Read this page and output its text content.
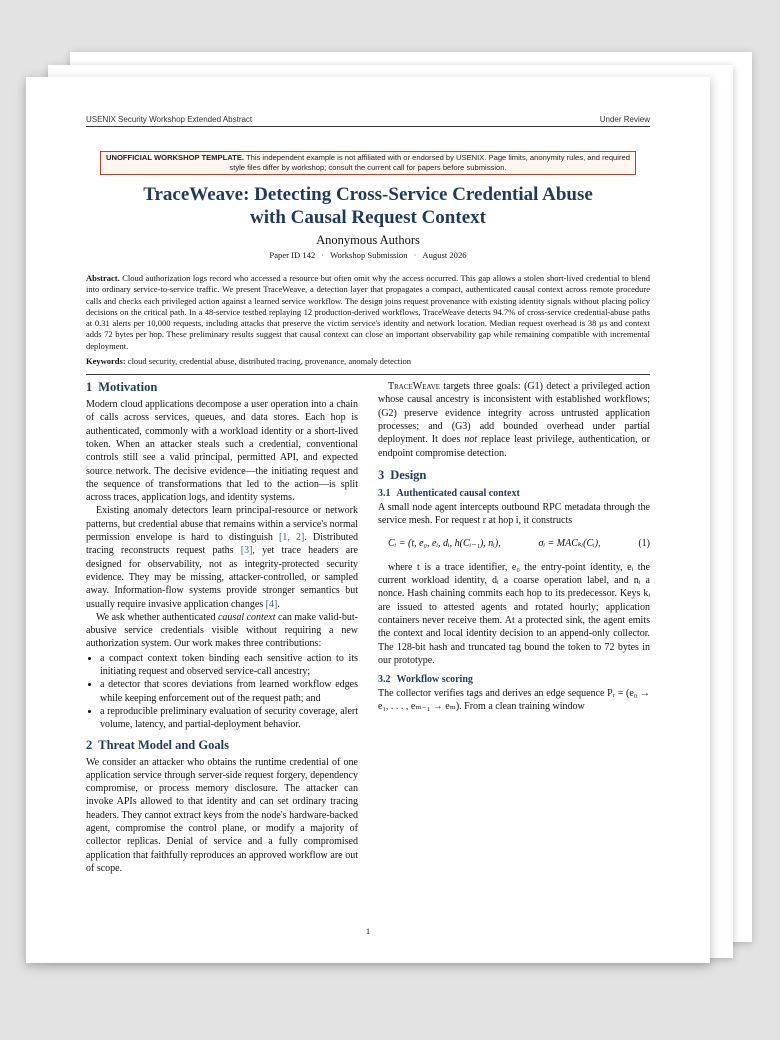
USENIX Security Workshop Extended Abstract	Under Review
UNOFFICIAL WORKSHOP TEMPLATE. This independent example is not affiliated with or endorsed by USENIX. Page limits, anonymity rules, and required style files differ by workshop; consult the current call for papers before submission.
TraceWeave: Detecting Cross-Service Credential Abuse
with Causal Request Context
Anonymous Authors
Paper ID 142 · Workshop Submission · August 2026
Abstract. Cloud authorization logs record who accessed a resource but often omit why the access occurred. This gap allows a stolen short-lived credential to blend into ordinary service-to-service traffic. We present TraceWeave, a detection layer that propagates a compact, authenticated causal context across remote procedure calls and checks each privileged action against a learned service workflow. The design joins request provenance with existing identity signals without placing policy decisions on the critical path. In a 48-service testbed replaying 12 production-derived workflows, TraceWeave detects 94.7% of cross-service credential-abuse paths at 0.31 alerts per 10,000 requests, including attacks that preserve the victim service's identity and network location. Median request overhead is 38 µs and context adds 72 bytes per hop. These preliminary results suggest that causal context can close an important observability gap while remaining compatible with incremental deployment.
Keywords: cloud security, credential abuse, distributed tracing, provenance, anomaly detection
1 Motivation

Modern cloud applications decompose a user operation into a chain of calls across services, queues, and data stores. Each hop is authenticated, commonly with a workload identity or a short-lived token. When an attacker steals such a credential, conventional controls still see a valid principal, permitted API, and expected source network. The decisive evidence—the initiating request and the sequence of transformations that led to the action—is split across traces, application logs, and identity systems.

Existing anomaly detectors learn principal-resource or network patterns, but credential abuse that remains within a service's normal permission envelope is hard to distinguish [1, 2]. Distributed tracing reconstructs request paths [3], yet trace headers are designed for observability, not as integrity-protected security evidence. They may be missing, attacker-controlled, or sampled away. Information-flow systems provide stronger semantics but usually require invasive application changes [4].

We ask whether authenticated causal context can make valid-but-abusive service credentials visible without requiring a new authorization system. Our work makes three contributions:

• a compact context token binding each sensitive action to its initiating request and observed service-call ancestry;
• a detector that scores deviations from learned workflow edges while keeping enforcement out of the request path; and
• a reproducible preliminary evaluation of security coverage, alert volume, latency, and partial-deployment behavior.
2 Threat Model and Goals

We consider an attacker who obtains the runtime credential of one application service through server-side request forgery, dependency compromise, or process memory disclosure. The attacker can invoke APIs allowed to that identity and can set ordinary tracing headers. They cannot extract keys from the node's hardware-backed agent, compromise the control plane, or modify a majority of collector replicas. Denial of service and a fully compromised application that faithfully reproduces an approved workflow are out of scope.

TraceWeave targets three goals: (G1) detect a privileged action whose causal ancestry is inconsistent with established workflows; (G2) preserve evidence integrity across untrusted application processes; and (G3) add bounded overhead under partial deployment. It does not replace least privilege, authentication, or endpoint compromise detection.

3 Design
3.1 Authenticated causal context

A small node agent intercepts outbound RPC metadata through the service mesh. For request r at hop i, it constructs

Cᵢ = (t, e₀, eᵢ, dᵢ, h(Cᵢ₋₁), nᵢ),	σᵢ = MACₖᵢ(Cᵢ),	(1)

where t is a trace identifier, e₀ the entry-point identity, eᵢ the current workload identity, dᵢ a coarse operation label, and nᵢ a nonce. Hash chaining commits each hop to its predecessor. Keys kᵢ are issued to attested agents and rotated hourly; application containers never receive them. At a protected sink, the agent emits the context and local identity decision to an append-only collector. The 128-bit hash and truncated tag bound the token to 72 bytes in our prototype.

3.2 Workflow scoring

The collector verifies tags and derives an edge sequence Pᵣ = (e₀ → e₁, . . . , eₘ₋₁ → eₘ). From a clean training window

1
